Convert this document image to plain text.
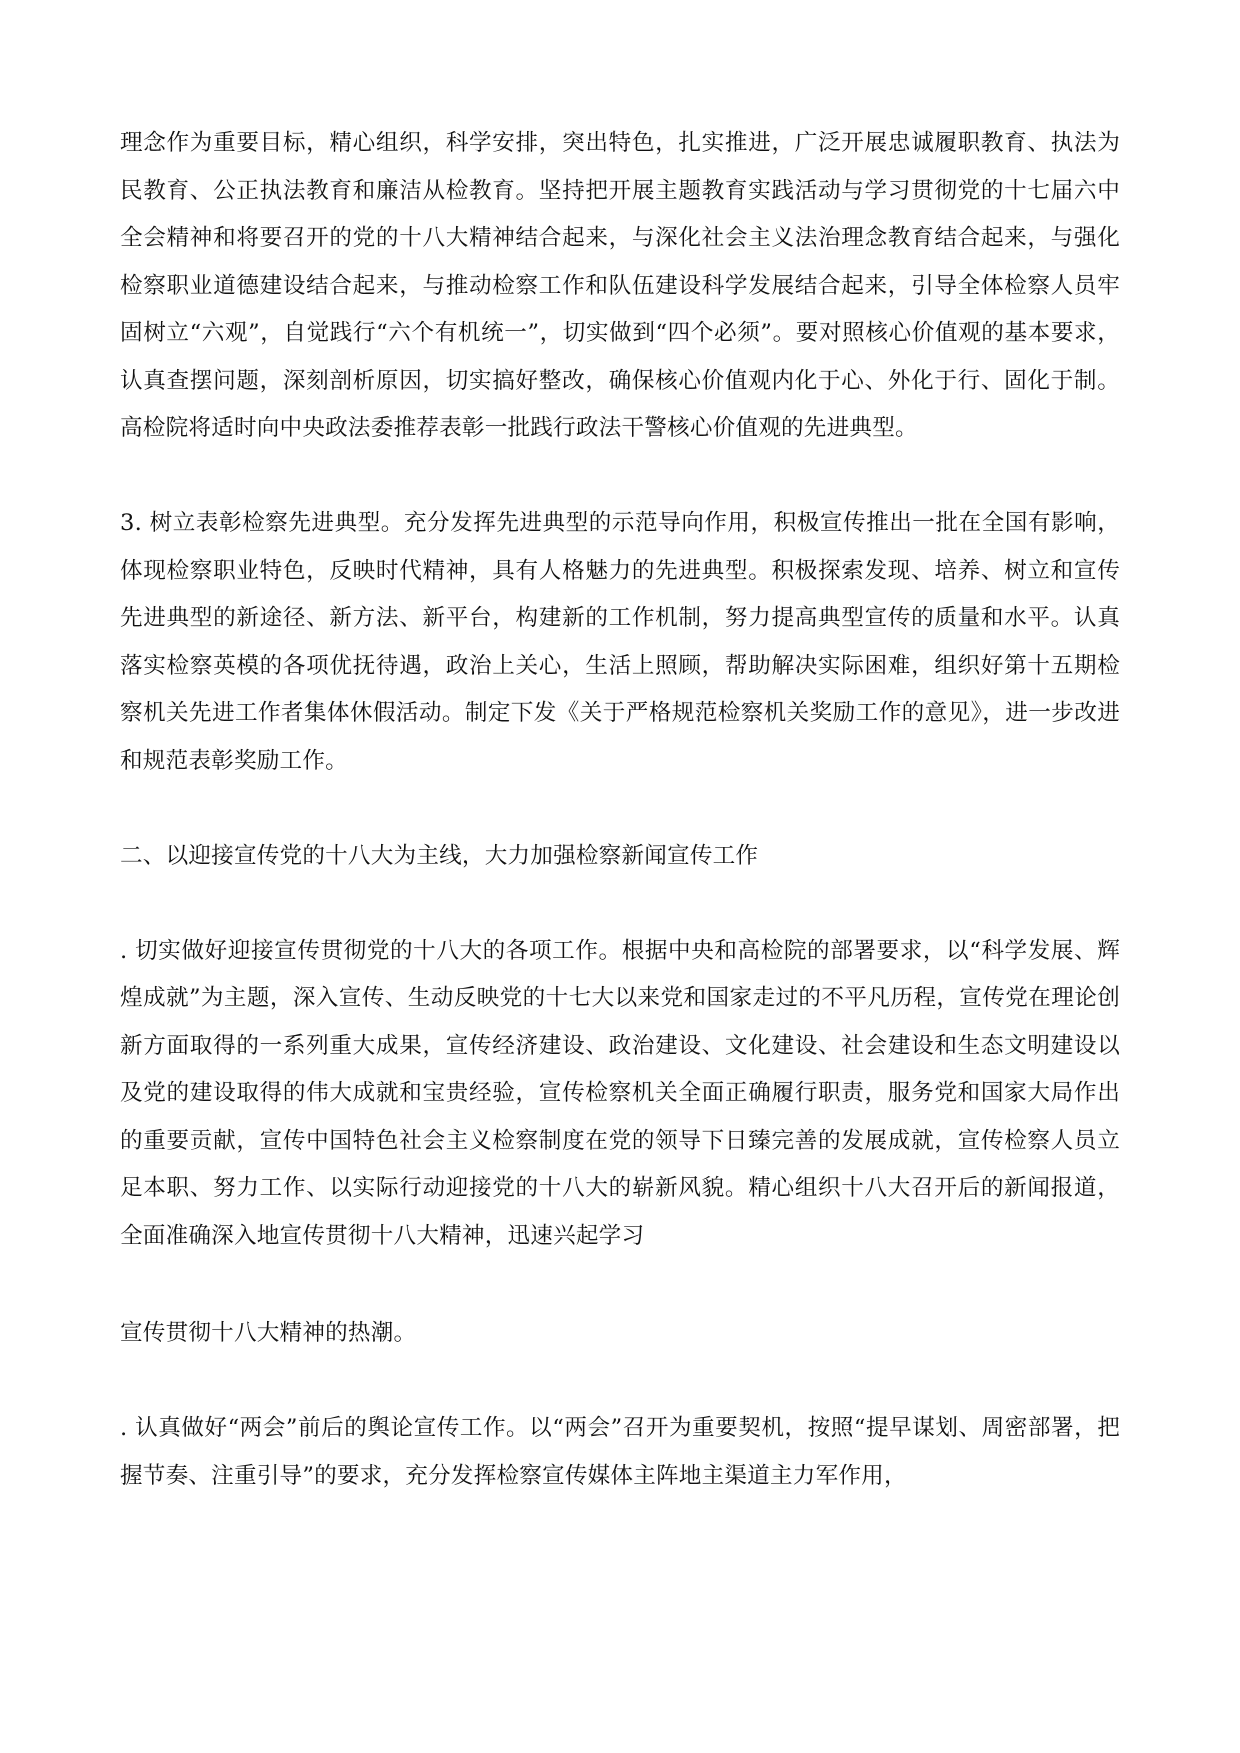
理念作为重要目标，精心组织，科学安排，突出特色，扎实推进，广泛开展忠诚履职教育、执法为民教育、公正执法教育和廉洁从检教育。坚持把开展主题教育实践活动与学习贯彻党的十七届六中全会精神和将要召开的党的十八大精神结合起来，与深化社会主义法治理念教育结合起来，与强化检察职业道德建设结合起来，与推动检察工作和队伍建设科学发展结合起来，引导全体检察人员牢固树立“六观”，自觉践行“六个有机统一”，切实做到“四个必须”。要对照核心价值观的基本要求，认真查摆问题，深刻剖析原因，切实搞好整改，确保核心价值观内化于心、外化于行、固化于制。高检院将适时向中央政法委推荐表彰一批践行政法干警核心价值观的先进典型。

3. 树立表彰检察先进典型。充分发挥先进典型的示范导向作用，积极宣传推出一批在全国有影响，体现检察职业特色，反映时代精神，具有人格魅力的先进典型。积极探索发现、培养、树立和宣传先进典型的新途径、新方法、新平台，构建新的工作机制，努力提高典型宣传的质量和水平。认真落实检察英模的各项优抚待遇，政治上关心，生活上照顾，帮助解决实际困难，组织好第十五期检察机关先进工作者集体休假活动。制定下发《关于严格规范检察机关奖励工作的意见》，进一步改进和规范表彰奖励工作。

二、以迎接宣传党的十八大为主线，大力加强检察新闻宣传工作

. 切实做好迎接宣传贯彻党的十八大的各项工作。根据中央和高检院的部署要求，以“科学发展、辉煌成就”为主题，深入宣传、生动反映党的十七大以来党和国家走过的不平凡历程，宣传党在理论创新方面取得的一系列重大成果，宣传经济建设、政治建设、文化建设、社会建设和生态文明建设以及党的建设取得的伟大成就和宝贵经验，宣传检察机关全面正确履行职责，服务党和国家大局作出的重要贡献，宣传中国特色社会主义检察制度在党的领导下日臻完善的发展成就，宣传检察人员立足本职、努力工作、以实际行动迎接党的十八大的崭新风貌。精心组织十八大召开后的新闻报道，全面准确深入地宣传贯彻十八大精神，迅速兴起学习

宣传贯彻十八大精神的热潮。

. 认真做好“两会”前后的舆论宣传工作。以“两会”召开为重要契机，按照“提早谋划、周密部署，把握节奏、注重引导”的要求，充分发挥检察宣传媒体主阵地主渠道主力军作用，
